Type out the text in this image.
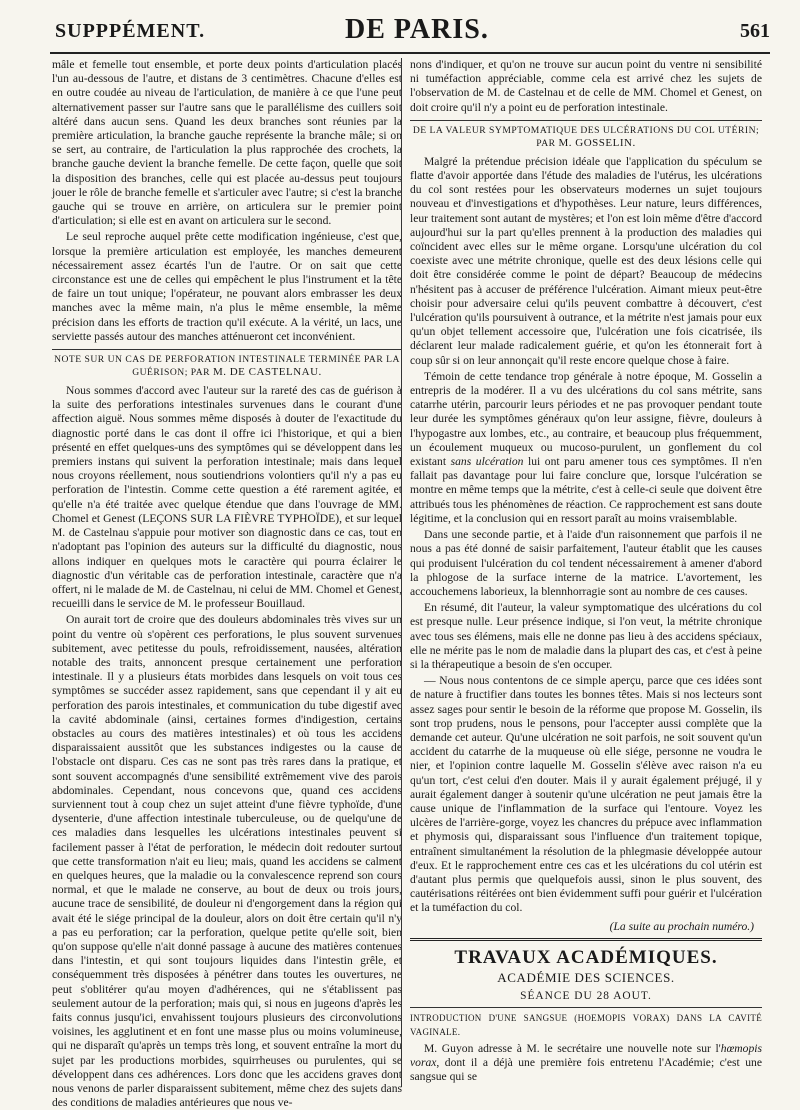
SUPPPÉMENT.	DE PARIS.	561

mâle et femelle tout ensemble, et porte deux points d'articulation placés l'un au-dessous de l'autre, et distans de 3 centimètres. Chacune d'elles est en outre coudée au niveau de l'articulation, de manière à ce que l'une peut alternativement passer sur l'autre sans que le parallélisme des cuillers soit altéré dans aucun sens. Quand les deux branches sont réunies par la première articulation, la branche gauche représente la branche mâle; si on se sert, au contraire, de l'articulation la plus rapprochée des crochets, la branche gauche devient la branche femelle. De cette façon, quelle que soit la disposition des branches, celle qui est placée au-dessus peut toujours jouer le rôle de branche femelle et s'articuler avec l'autre; si c'est la branche gauche qui se trouve en arrière, on articulera sur le premier point d'articulation; si elle est en avant on articulera sur le second.

Le seul reproche auquel prête cette modification ingénieuse, c'est que, lorsque la première articulation est employée, les manches demeurent nécessairement assez écartés l'un de l'autre. Or on sait que cette circonstance est une de celles qui empêchent le plus l'instrument et la tête de faire un tout unique; l'opérateur, ne pouvant alors embrasser les deux manches avec la même main, n'a plus le même ensemble, la même précision dans les efforts de traction qu'il exécute. A la vérité, un lacs, une serviette passés autour des manches atténueront cet inconvénient.

NOTE SUR UN CAS DE PERFORATION INTESTINALE TERMINÉE PAR LA GUÉRISON; PAR M. DE CASTELNAU.

Nous sommes d'accord avec l'auteur sur la rareté des cas de guérison à la suite des perforations intestinales survenues dans le courant d'une affection aiguë. Nous sommes même disposés à douter de l'exactitude du diagnostic porté dans le cas dont il offre ici l'historique, et qui a bien présenté en effet quelques-uns des symptômes qui se développent dans les premiers instans qui suivent la perforation intestinale; mais dans lequel nous croyons réellement, nous soutiendrions volontiers qu'il n'y a pas eu perforation de l'intestin. Comme cette question a été rarement agitée, et qu'elle n'a été traitée avec quelque étendue que dans l'ouvrage de MM. Chomel et Genest (LEÇONS SUR LA FIÈVRE TYPHOÏDE), et sur lequel M. de Castelnau s'appuie pour motiver son diagnostic dans ce cas, tout en n'adoptant pas l'opinion des auteurs sur la difficulté du diagnostic, nous allons indiquer en quelques mots le caractère qui pourra éclairer le diagnostic d'un véritable cas de perforation intestinale, caractère que n'a offert, ni le malade de M. de Castelnau, ni celui de MM. Chomel et Genest, recueilli dans le service de M. le professeur Bouillaud.

On aurait tort de croire que des douleurs abdominales très vives sur un point du ventre où s'opèrent ces perforations, le plus souvent survenues subitement, avec petitesse du pouls, refroidissement, nausées, altération notable des traits, annoncent presque certainement une perforation intestinale. Il y a plusieurs états morbides dans lesquels on voit tous ces symptômes se succéder assez rapidement, sans que cependant il y ait eu perforation des parois intestinales, et communication du tube digestif avec la cavité abdominale (ainsi, certaines formes d'indigestion, certains obstacles au cours des matières intestinales) et où tous les accidens disparaissaient aussitôt que les substances indigestes ou la cause de l'obstacle ont disparu. Ces cas ne sont pas très rares dans la pratique, et sont souvent accompagnés d'une sensibilité extrêmement vive des parois abdominales. Cependant, nous concevons que, quand ces accidens surviennent tout à coup chez un sujet atteint d'une fièvre typhoïde, d'une dysenterie, d'une affection intestinale tuberculeuse, ou de quelqu'une de ces maladies dans lesquelles les ulcérations intestinales peuvent si facilement passer à l'état de perforation, le médecin doit redouter surtout que cette transformation n'ait eu lieu; mais, quand les accidens se calment en quelques heures, que la maladie ou la convalescence reprend son cours normal, et que le malade ne conserve, au bout de deux ou trois jours, aucune trace de sensibilité, de douleur ni d'engorgement dans la région qui avait été le siége principal de la douleur, alors on doit être certain qu'il n'y a pas eu perforation; car la perforation, quelque petite qu'elle soit, bien qu'on suppose qu'elle n'ait donné passage à aucune des matières contenues dans l'intestin, et qui sont toujours liquides dans l'intestin grêle, et conséquemment très disposées à pénétrer dans toutes les ouvertures, ne peut s'oblitérer qu'au moyen d'adhérences, qui ne s'établissent pas seulement autour de la perforation; mais qui, si nous en jugeons d'après les faits connus jusqu'ici, envahissent toujours plusieurs des circonvolutions voisines, les agglutinent et en font une masse plus ou moins volumineuse, qui ne disparaît qu'après un temps très long, et souvent entraîne la mort du sujet par les productions morbides, squirrheuses ou purulentes, qui se développent dans ces adhérences. Lors donc que les accidens graves dont nous venons de parler disparaissent subitement, même chez des sujets dans des conditions de maladies antérieures que nous ve-

nons d'indiquer, et qu'on ne trouve sur aucun point du ventre ni sensibilité ni tuméfaction appréciable, comme cela est arrivé chez les sujets de l'observation de M. de Castelnau et de celle de MM. Chomel et Genest, on doit croire qu'il n'y a point eu de perforation intestinale.

DE LA VALEUR SYMPTOMATIQUE DES ULCÉRATIONS DU COL UTÉRIN; PAR M. GOSSELIN.

Malgré la prétendue précision idéale que l'application du spéculum se flatte d'avoir apportée dans l'étude des maladies de l'utérus, les ulcérations du col sont restées pour les observateurs modernes un sujet toujours nouveau et d'investigations et d'hypothèses. Leur nature, leurs différences, leur traitement sont autant de mystères; et l'on est loin même d'être d'accord aujourd'hui sur la part qu'elles prennent à la production des maladies qui coïncident avec elles sur le même organe. Lorsqu'une ulcération du col coexiste avec une métrite chronique, quelle est des deux lésions celle qui doit être considérée comme le point de départ? Beaucoup de médecins n'hésitent pas à accuser de préférence l'ulcération. Aimant mieux peut-être choisir pour adversaire celui qu'ils peuvent combattre à découvert, c'est l'ulcération qu'ils poursuivent à outrance, et la métrite n'est jamais pour eux qu'un objet tellement accessoire que, l'ulcération une fois cicatrisée, ils déclarent leur malade radicalement guérie, et qu'on les étonnerait fort à coup sûr si on leur annonçait qu'il reste encore quelque chose à faire.

Témoin de cette tendance trop générale à notre époque, M. Gosselin a entrepris de la modérer. Il a vu des ulcérations du col sans métrite, sans catarrhe utérin, parcourir leurs périodes et ne pas provoquer pendant toute leur durée les symptômes généraux qu'on leur assigne, fièvre, douleurs à l'hypogastre aux lombes, etc., au contraire, et beaucoup plus fréquemment, un écoulement muqueux ou mucoso-purulent, un gonflement du col existant sans ulcération lui ont paru amener tous ces symptômes. Il n'en fallait pas davantage pour lui faire conclure que, lorsque l'ulcération se montre en même temps que la métrite, c'est à celle-ci seule que doivent être attribués tous les phénomènes de réaction. Ce rapprochement est sans doute légitime, et la conclusion qui en ressort paraît au moins vraisemblable.

Dans une seconde partie, et à l'aide d'un raisonnement que parfois il ne nous a pas été donné de saisir parfaitement, l'auteur établit que les causes qui produisent l'ulcération du col tendent nécessairement à amener d'abord la phlogose de la surface interne de la matrice. L'avortement, les accouchemens laborieux, la blennhorragie sont au nombre de ces causes.

En résumé, dit l'auteur, la valeur symptomatique des ulcérations du col est presque nulle. Leur présence indique, si l'on veut, la métrite chronique avec tous ses élémens, mais elle ne donne pas lieu à des accidens spéciaux, elle ne mérite pas le nom de maladie dans la plupart des cas, et c'est à peine si la thérapeutique a besoin de s'en occuper.

— Nous nous contentons de ce simple aperçu, parce que ces idées sont de nature à fructifier dans toutes les bonnes têtes. Mais si nos lecteurs sont assez sages pour sentir le besoin de la réforme que propose M. Gosselin, ils sont trop prudens, nous le pensons, pour l'accepter aussi complète que la demande cet auteur. Qu'une ulcération ne soit parfois, ne soit souvent qu'un accident du catarrhe de la muqueuse où elle siége, personne ne voudra le nier, et l'opinion contre laquelle M. Gosselin s'élève avec raison n'a eu qu'un tort, c'est celui d'en douter. Mais il y aurait également préjugé, il y aurait également danger à soutenir qu'une ulcération ne peut jamais être la cause unique de l'inflammation de la surface qui l'entoure. Voyez les ulcères de l'arrière-gorge, voyez les chancres du prépuce avec inflammation et phymosis qui, disparaissant sous l'influence d'un traitement topique, entraînent simultanément la résolution de la phlegmasie développée autour d'eux. Et le rapprochement entre ces cas et les ulcérations du col utérin est d'autant plus permis que quelquefois aussi, sinon le plus souvent, des cautérisations réitérées ont bien évidemment suffi pour guérir et l'ulcération et la tuméfaction du col.

(La suite au prochain numéro.)
TRAVAUX ACADÉMIQUES.
ACADÉMIE DES SCIENCES.
SÉANCE DU 28 AOUT.
INTRODUCTION D'UNE SANGSUE (HOEMOPIS VORAX) DANS LA CAVITÉ VAGINALE.

M. Guyon adresse à M. le secrétaire une nouvelle note sur l'hœmopis vorax, dont il a déjà une première fois entretenu l'Académie; c'est une sangsue qui se
